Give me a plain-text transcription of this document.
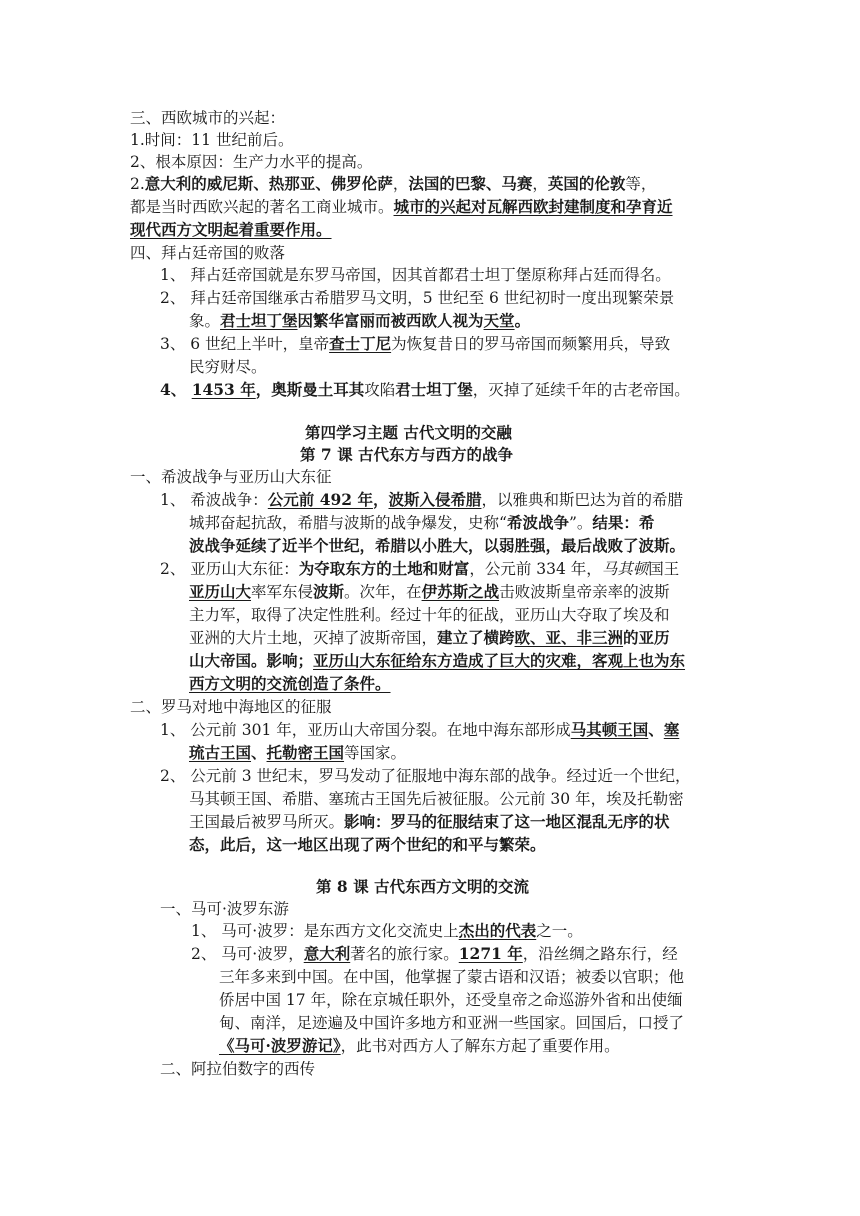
三、西欧城市的兴起：
1.时间：11 世纪前后。
2、根本原因：生产力水平的提高。
2.意大利的威尼斯、热那亚、佛罗伦萨，法国的巴黎、马赛，英国的伦敦等，
都是当时西欧兴起的著名工商业城市。城市的兴起对瓦解西欧封建制度和孕育近
现代西方文明起着重要作用。
四、拜占廷帝国的败落
1、 拜占廷帝国就是东罗马帝国，因其首都君士坦丁堡原称拜占廷而得名。
2、 拜占廷帝国继承古希腊罗马文明，5 世纪至 6 世纪初时一度出现繁荣景
象。君士坦丁堡因繁华富丽而被西欧人视为天堂。
3、 6 世纪上半叶，皇帝查士丁尼为恢复昔日的罗马帝国而频繁用兵，导致
民穷财尽。
4、 1453 年，奥斯曼土耳其攻陷君士坦丁堡，灭掉了延续千年的古老帝国。
第四学习主题 古代文明的交融
第 7 课 古代东方与西方的战争
一、希波战争与亚历山大东征
1、 希波战争：公元前 492 年，波斯入侵希腊，以雅典和斯巴达为首的希腊
城邦奋起抗敌，希腊与波斯的战争爆发，史称“希波战争”。结果：希
波战争延续了近半个世纪，希腊以小胜大，以弱胜强，最后战败了波斯。
2、 亚历山大东征：为夺取东方的土地和财富，公元前 334 年，马其顿国王
亚历山大率军东侵波斯。次年，在伊苏斯之战击败波斯皇帝亲率的波斯
主力军，取得了决定性胜利。经过十年的征战，亚历山大夺取了埃及和
亚洲的大片土地，灭掉了波斯帝国，建立了横跨欧、亚、非三洲的亚历
山大帝国。影响；亚历山大东征给东方造成了巨大的灾难，客观上也为东
西方文明的交流创造了条件。
二、罗马对地中海地区的征服
1、 公元前 301 年，亚历山大帝国分裂。在地中海东部形成马其顿王国、塞
琉古王国、托勒密王国等国家。
2、 公元前 3 世纪末，罗马发动了征服地中海东部的战争。经过近一个世纪，
马其顿王国、希腊、塞琉古王国先后被征服。公元前 30 年，埃及托勒密
王国最后被罗马所灭。影响：罗马的征服结束了这一地区混乱无序的状
态，此后，这一地区出现了两个世纪的和平与繁荣。
第 8 课 古代东西方文明的交流
一、马可·波罗东游
1、 马可·波罗：是东西方文化交流史上杰出的代表之一。
2、 马可·波罗，意大利著名的旅行家。1271 年，沿丝绸之路东行，经
三年多来到中国。在中国，他掌握了蒙古语和汉语；被委以官职；他
侨居中国 17 年，除在京城任职外，还受皇帝之命巡游外省和出使缅
甸、南洋，足迹遍及中国许多地方和亚洲一些国家。回国后，口授了
《马可·波罗游记》，此书对西方人了解东方起了重要作用。
二、阿拉伯数字的西传
